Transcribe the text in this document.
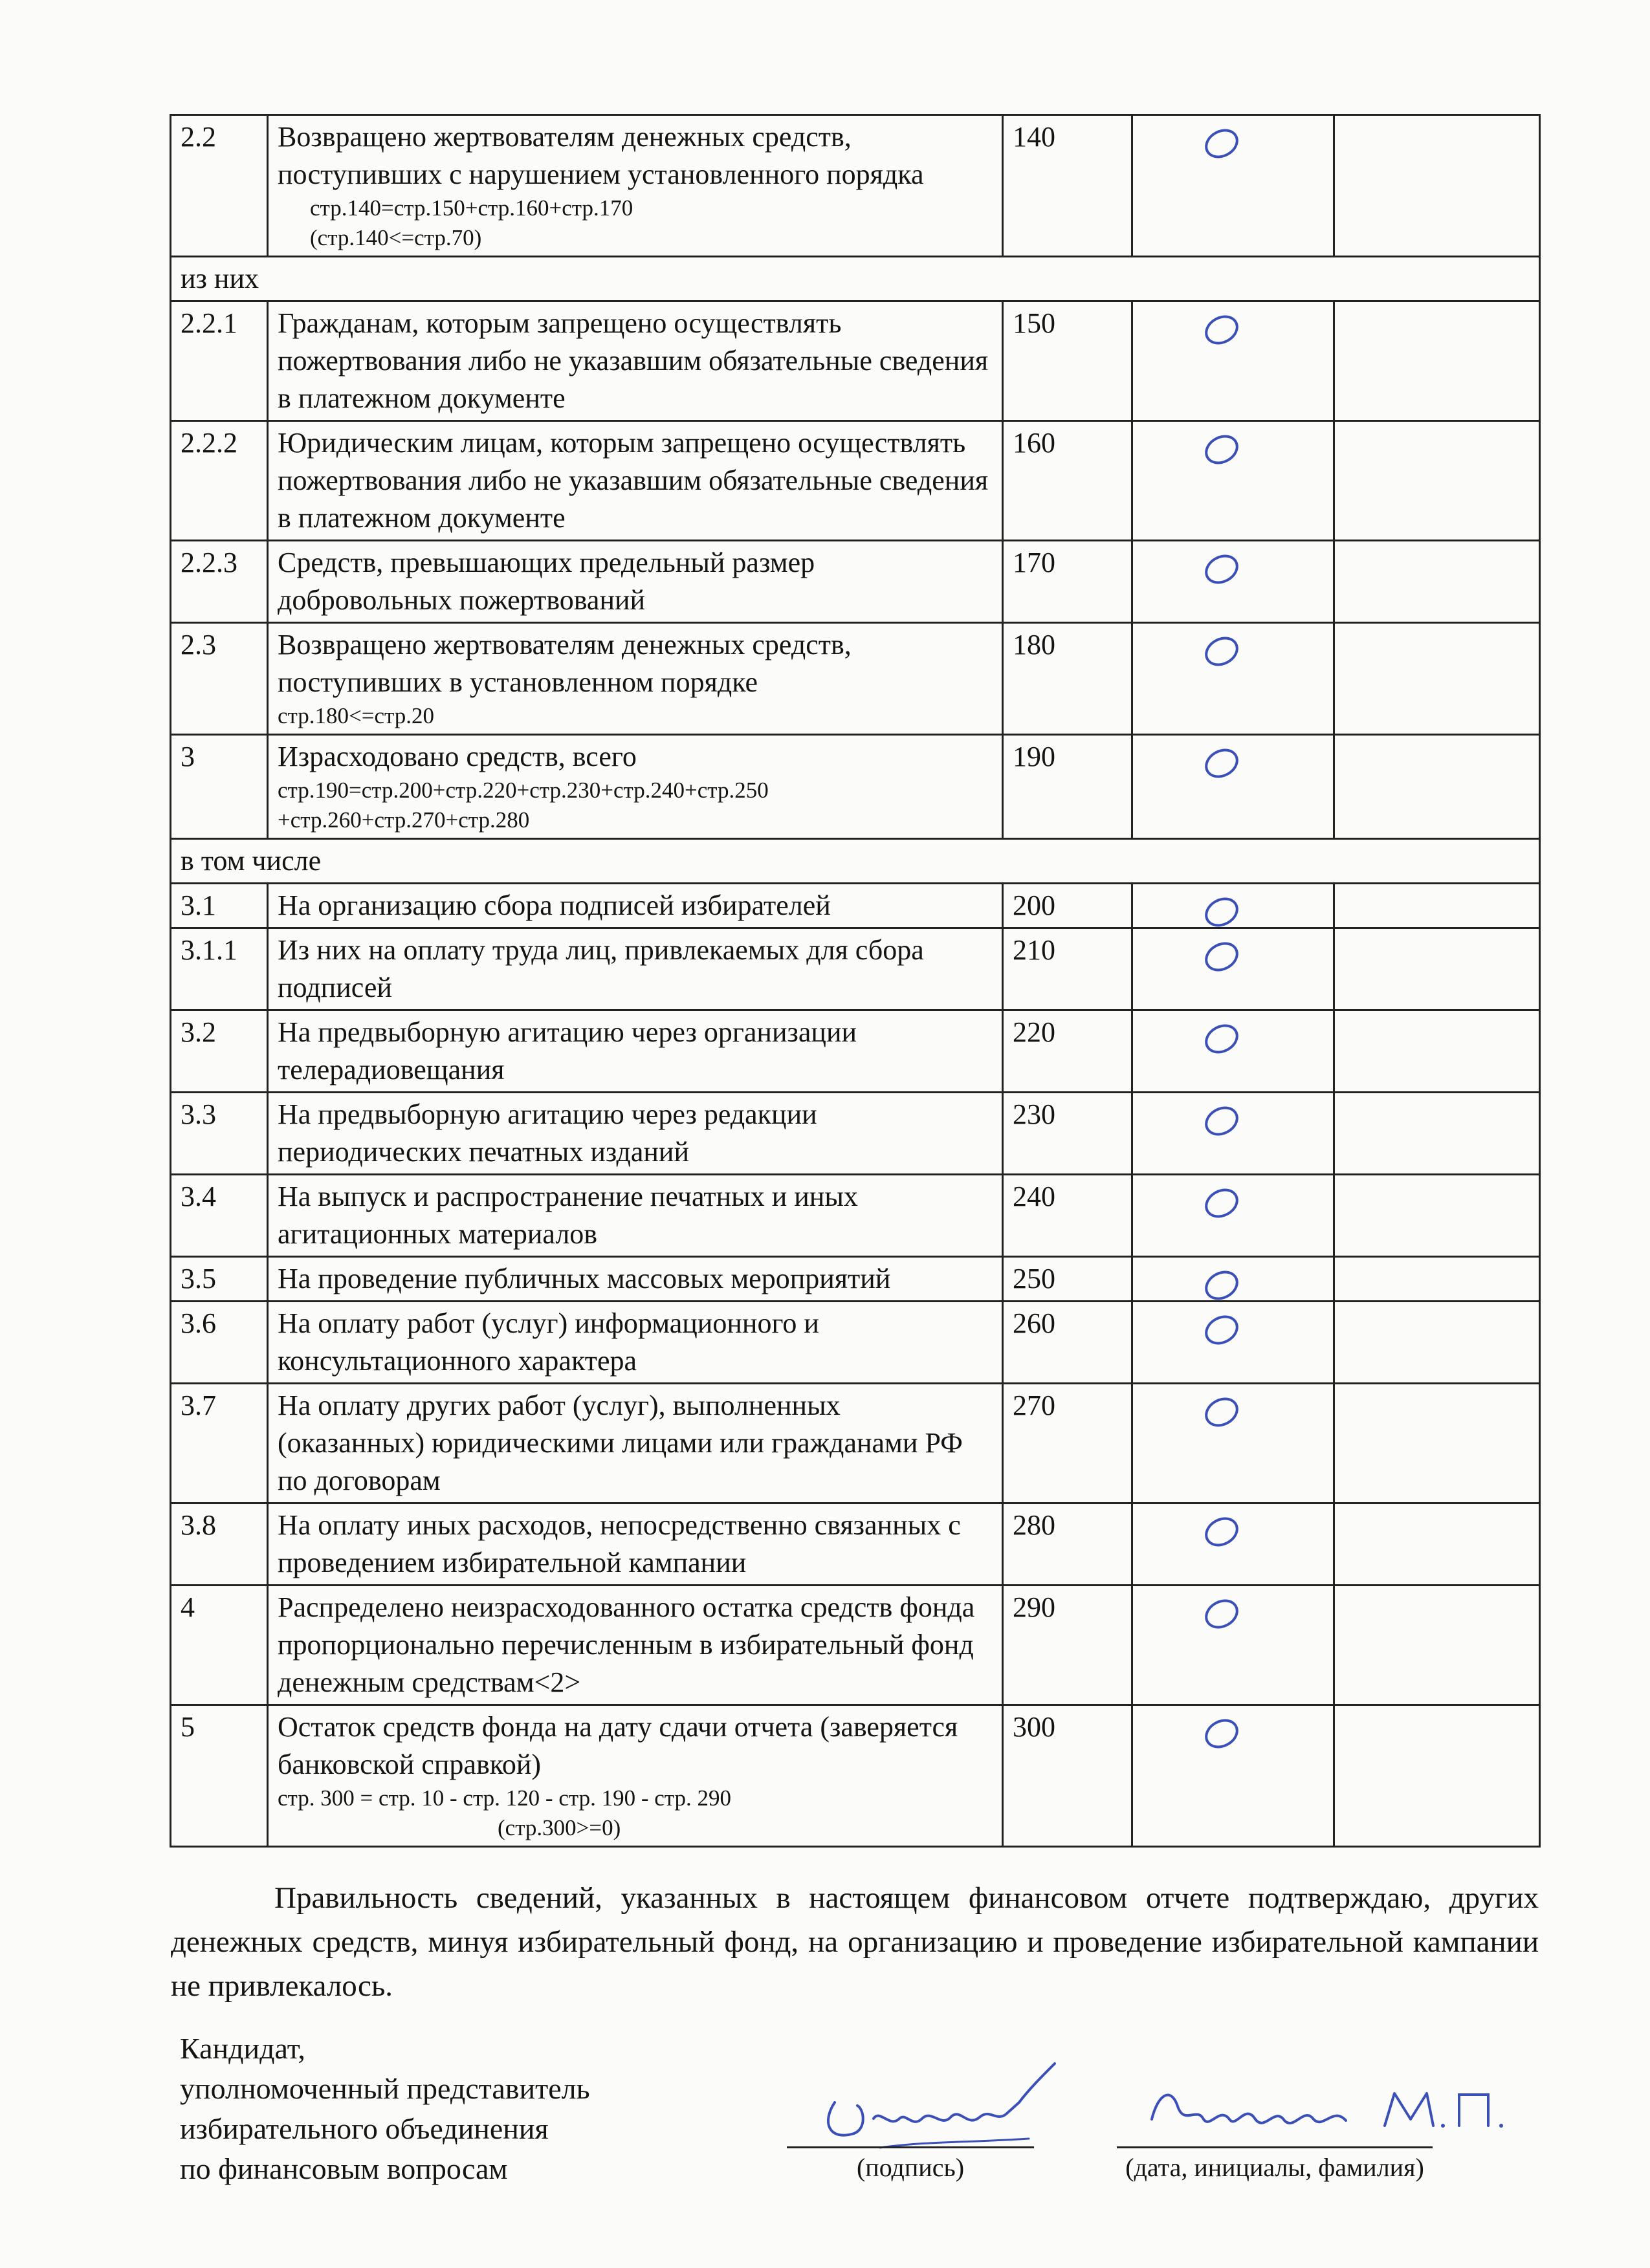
2.2	Возвращено жертвователям денежных средств, поступивших с нарушением установленного порядка
стр.140=стр.150+стр.160+стр.170
(стр.140<=стр.70)	140	

из них				
2.2.1	Гражданам, которым запрещено осуществлять пожертвования либо не указавшим обязательные сведения в платежном документе	150	

2.2.2	Юридическим лицам, которым запрещено осуществлять пожертвования либо не указавшим обязательные сведения в платежном документе	160	

2.2.3	Средств, превышающих предельный размер добровольных пожертвований	170	

2.3	Возвращено жертвователям денежных средств, поступивших в установленном порядке
стр.180<=стр.20	180	

3	Израсходовано средств, всего
стр.190=стр.200+стр.220+стр.230+стр.240+стр.250
+стр.260+стр.270+стр.280	190	

в том числе				
3.1	На организацию сбора подписей избирателей	200	

3.1.1	Из них на оплату труда лиц, привлекаемых для сбора подписей	210	

3.2	На предвыборную агитацию через организации телерадиовещания	220	

3.3	На предвыборную агитацию через редакции периодических печатных изданий	230	

3.4	На выпуск и распространение печатных и иных агитационных материалов	240	

3.5	На проведение публичных массовых мероприятий	250	

3.6	На оплату работ (услуг) информационного и консультационного характера	260	

3.7	На оплату других работ (услуг), выполненных (оказанных) юридическими лицами или гражданами РФ по договорам	270	

3.8	На оплату иных расходов, непосредственно связанных с проведением избирательной кампании	280	

4	Распределено неизрасходованного остатка средств фонда пропорционально перечисленным в избирательный фонд денежным средствам<2>	290	

5	Остаток средств фонда на дату сдачи отчета (заверяется банковской справкой)
стр. 300 = стр. 10 - стр. 120 - стр. 190 - стр. 290
(стр.300>=0)	300	

Правильность сведений, указанных в настоящем финансовом отчете подтверждаю, других денежных средств, минуя избирательный фонд, на организацию и проведение избирательной кампании не привлекалось.
Кандидат,
уполномоченный представитель
избирательного объединения
по финансовым вопросам	(подпись)	(дата, инициалы, фамилия)
